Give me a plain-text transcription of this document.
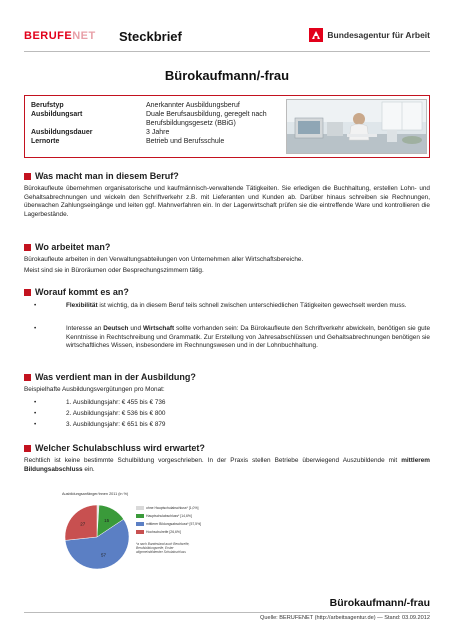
BERUFENET Steckbrief	Bundesagentur für Arbeit
Bürokaufmann/-frau
Berufstyp	Anerkannter Ausbildungsberuf
Ausbildungsart	Duale Berufsausbildung, geregelt nach Berufsbildungsgesetz (BBiG)
Ausbildungsdauer	3 Jahre
Lernorte	Betrieb und Berufsschule
Was macht man in diesem Beruf?
Bürokaufleute übernehmen organisatorische und kaufmännisch-verwaltende Tätigkeiten. Sie erledigen die Buchhaltung, erstellen Lohn- und Gehaltsabrechnungen und wickeln den Schriftverkehr z.B. mit Lieferanten und Kunden ab. Darüber hinaus schreiben sie Rechnungen, überwachen Zahlungseingänge und leiten ggf. Mahnverfahren ein. In der Lagerwirtschaft prüfen sie die eintreffende Ware und kontrollieren die Lagerbestände.
Wo arbeitet man?
Bürokaufleute arbeiten in den Verwaltungsabteilungen von Unternehmen aller Wirtschaftsbereiche.
Meist sind sie in Büroräumen oder Besprechungszimmern tätig.
Worauf kommt es an?
•	Flexibilität ist wichtig, da in diesem Beruf teils schnell zwischen unterschiedlichen Tätigkeiten gewechselt werden muss.
•	Interesse an Deutsch und Wirtschaft sollte vorhanden sein: Da Bürokaufleute den Schriftverkehr abwickeln, benötigen sie gute Kenntnisse in Rechtschreibung und Grammatik. Zur Erstellung von Jahresabschlüssen und Gehaltsabrechnungen benötigen sie wirtschaftliches Wissen, insbesondere im Rechnungswesen und in der Lohnbuchhaltung.
Was verdient man in der Ausbildung?
Beispielhafte Ausbildungsvergütungen pro Monat:
•	1. Ausbildungsjahr: € 455 bis € 736
•	2. Ausbildungsjahr: € 536 bis € 800
•	3. Ausbildungsjahr: € 651 bis € 879
Welcher Schulabschluss wird erwartet?
Rechtlich ist keine bestimmte Schulbildung vorgeschrieben. In der Praxis stellen Betriebe überwiegend Auszubildende mit mittlerem Bildungsabschluss ein.
Ausbildungsanfänger/innen 2011 (in %)
15
27
57
ohne Hauptschulabschluss* [1,0%]
Hauptschulabschluss* [14,6%]
mittlerer Bildungsabschluss* [57,5%]
Hochschulreife [26,6%]
*a nach Bundesland auch Berufsreife, Berufsbildungsreife, Erster allgemeinbildender Schulabschluss
Bürokaufmann/-frau
Quelle: BERUFENET (http://arbeitsagentur.de) — Stand: 03.09.2012
